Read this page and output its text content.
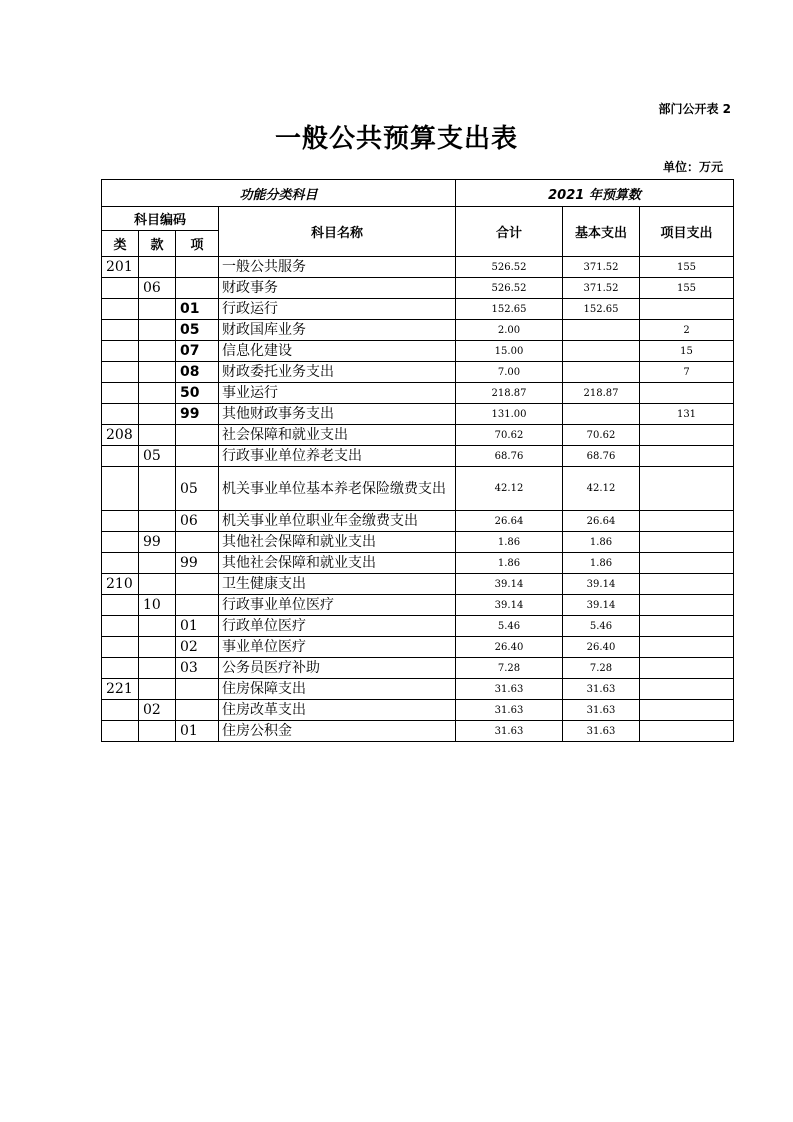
部门公开表 2
一般公共预算支出表
单位：万元
功能分类科目				2021 年预算数		
科目编码			科目名称	合计	基本支出	项目支出
类	款	项				
201			一般公共服务	526.52	371.52	155
	06		财政事务	526.52	371.52	155
		01	行政运行	152.65	152.65	
		05	财政国库业务	2.00		2
		07	信息化建设	15.00		15
		08	财政委托业务支出	7.00		7
		50	事业运行	218.87	218.87	
		99	其他财政事务支出	131.00		131
208			社会保障和就业支出	70.62	70.62	
	05		行政事业单位养老支出	68.76	68.76	
		05	机关事业单位基本养老保险缴费支出	42.12	42.12	
		06	机关事业单位职业年金缴费支出	26.64	26.64	
	99		其他社会保障和就业支出	1.86	1.86	
		99	其他社会保障和就业支出	1.86	1.86	
210			卫生健康支出	39.14	39.14	
	10		行政事业单位医疗	39.14	39.14	
		01	行政单位医疗	5.46	5.46	
		02	事业单位医疗	26.40	26.40	
		03	公务员医疗补助	7.28	7.28	
221			住房保障支出	31.63	31.63	
	02		住房改革支出	31.63	31.63	
		01	住房公积金	31.63	31.63	
